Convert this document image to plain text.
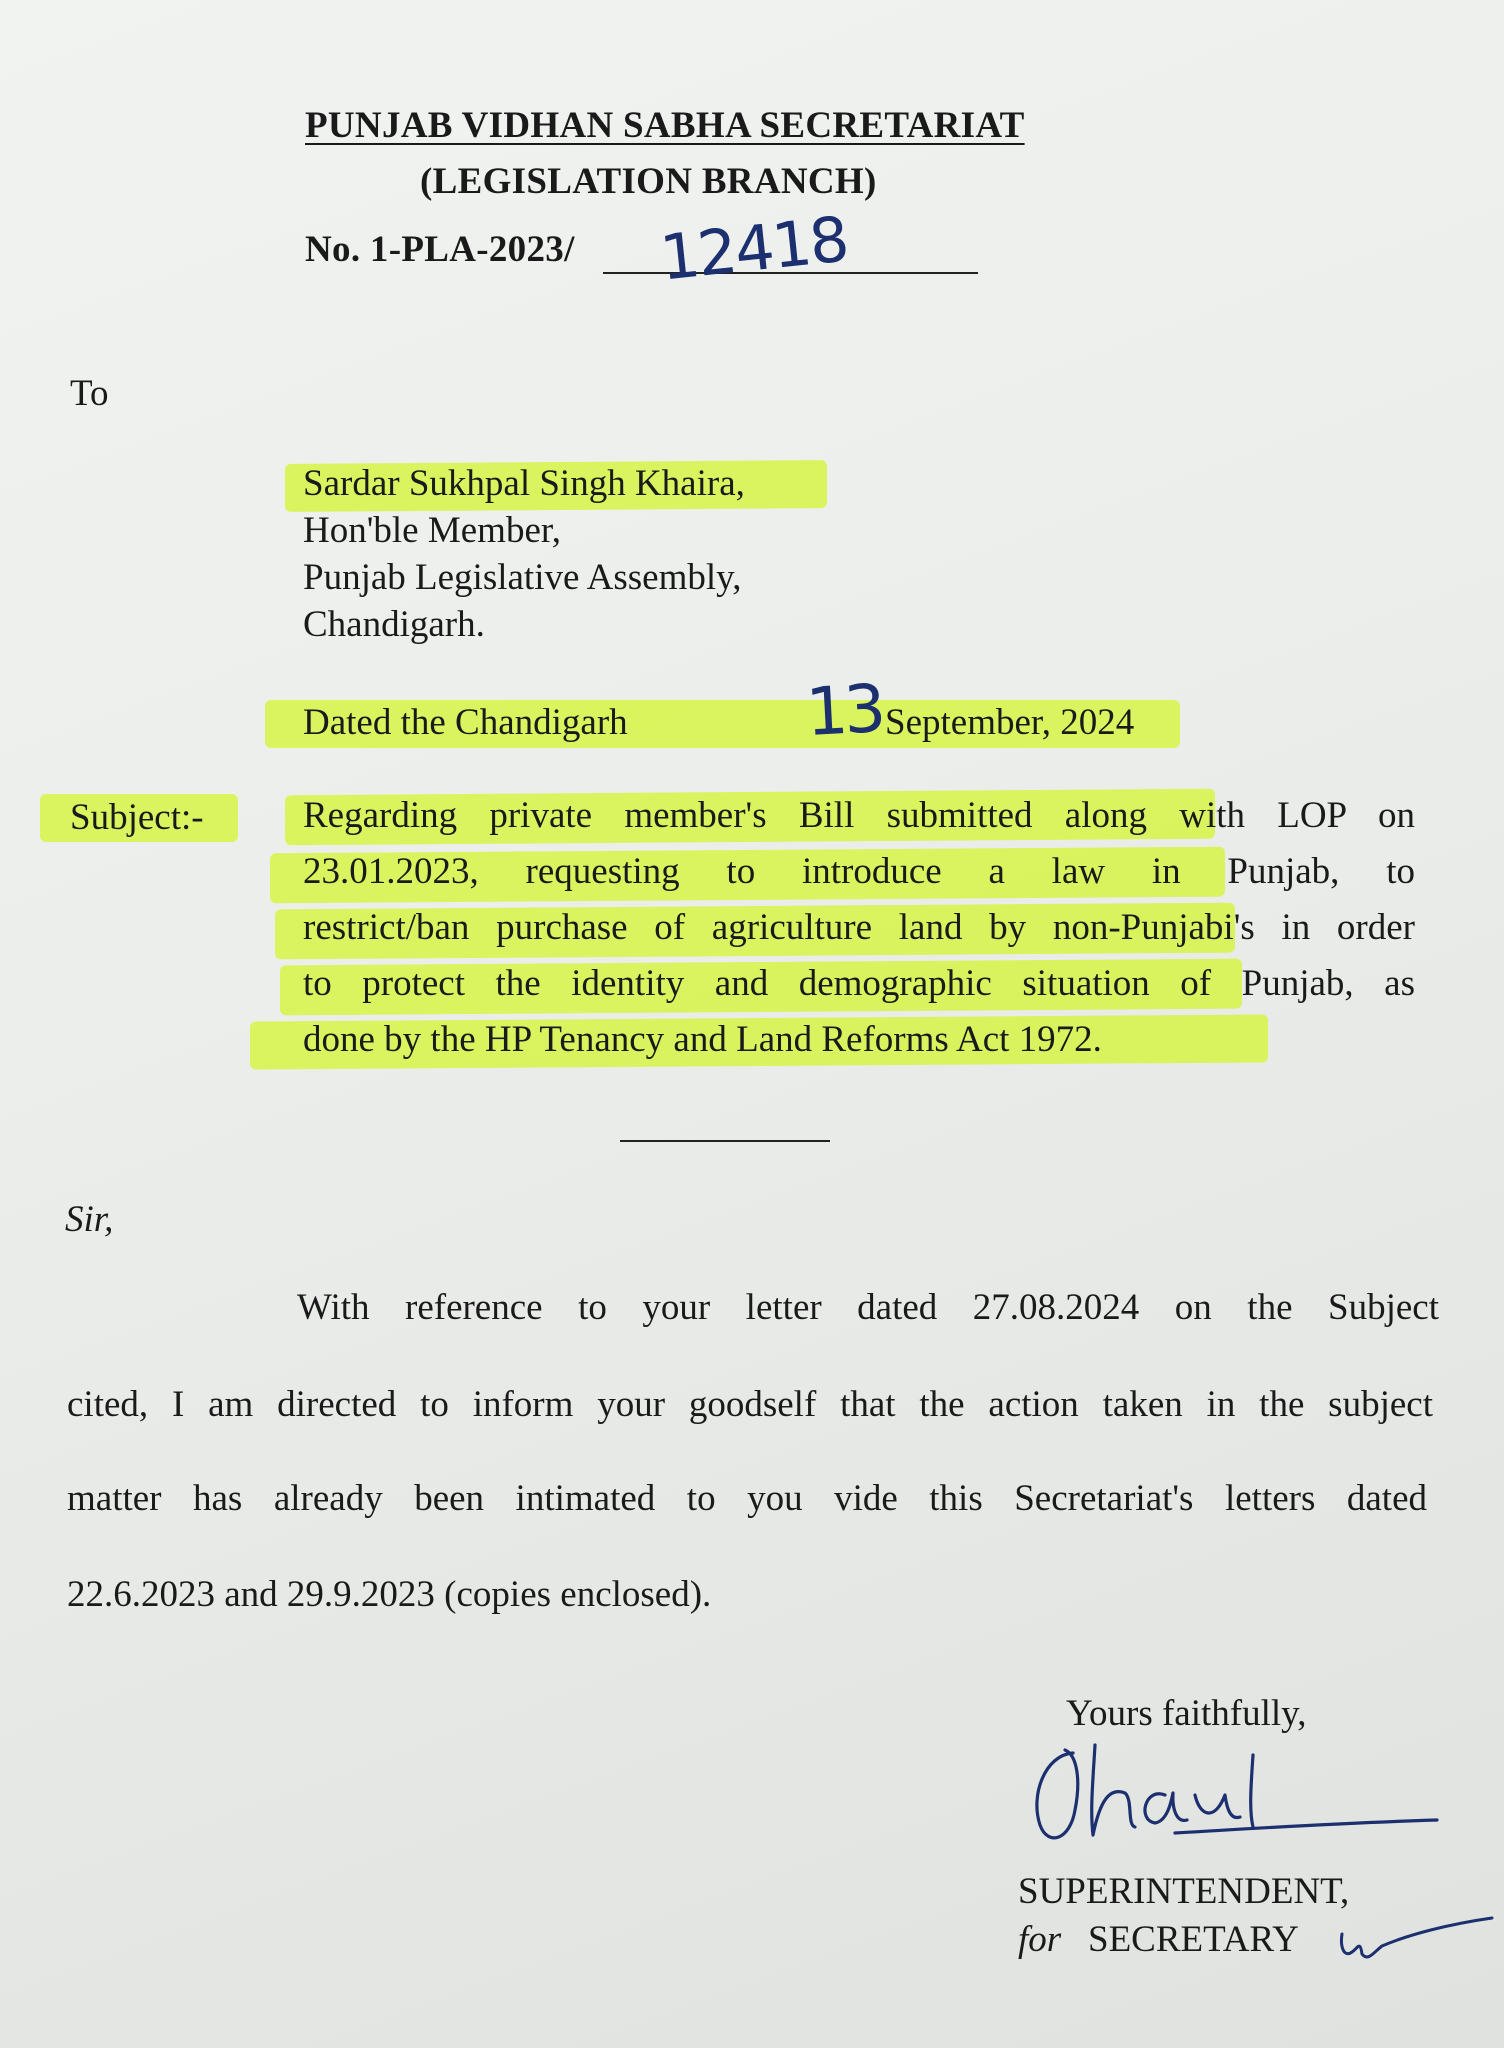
PUNJAB VIDHAN SABHA SECRETARIAT
(LEGISLATION BRANCH)
No. 1-PLA-2023/ 12418
To
Sardar Sukhpal Singh Khaira,
Hon'ble Member,
Punjab Legislative Assembly,
Chandigarh.
Dated the Chandigarh	13 September, 2024
Subject:-	Regarding private member's Bill submitted along with LOP on
23.01.2023, requesting to introduce a law in Punjab, to
restrict/ban purchase of agriculture land by non-Punjabi's in order
to protect the identity and demographic situation of Punjab, as
done by the HP Tenancy and Land Reforms Act 1972.
Sir,
With reference to your letter dated 27.08.2024 on the Subject
cited, I am directed to inform your goodself that the action taken in the subject
matter has already been intimated to you vide this Secretariat's letters dated
22.6.2023 and 29.9.2023 (copies enclosed).
Yours faithfully,
SUPERINTENDENT,
for SECRETARY
